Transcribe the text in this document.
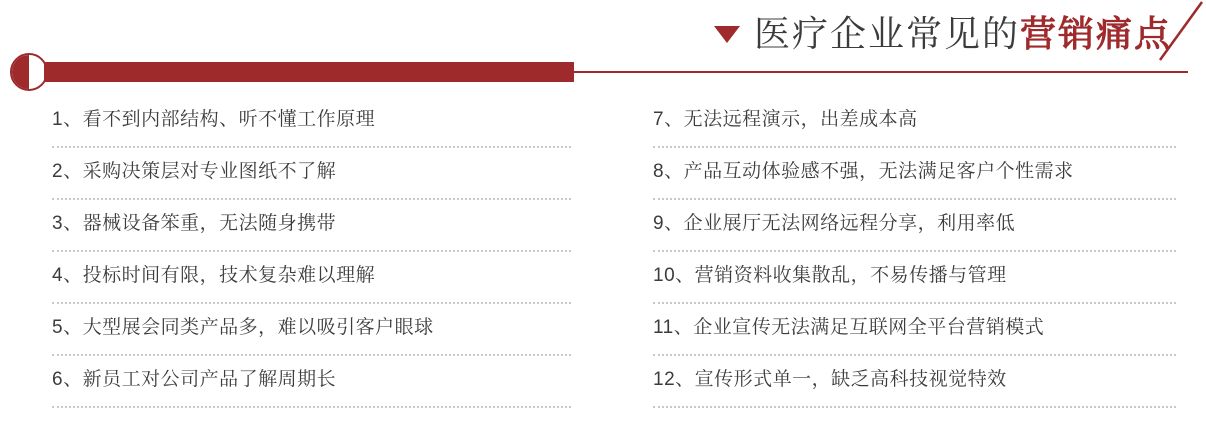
医疗企业常见的营销痛点
1、看不到内部结构、听不懂工作原理
2、采购决策层对专业图纸不了解
3、器械设备笨重，无法随身携带
4、投标时间有限，技术复杂难以理解
5、大型展会同类产品多，难以吸引客户眼球
6、新员工对公司产品了解周期长
7、无法远程演示，出差成本高
8、产品互动体验感不强，无法满足客户个性需求
9、企业展厅无法网络远程分享，利用率低
10、营销资料收集散乱，不易传播与管理
11、企业宣传无法满足互联网全平台营销模式
12、宣传形式单一，缺乏高科技视觉特效
